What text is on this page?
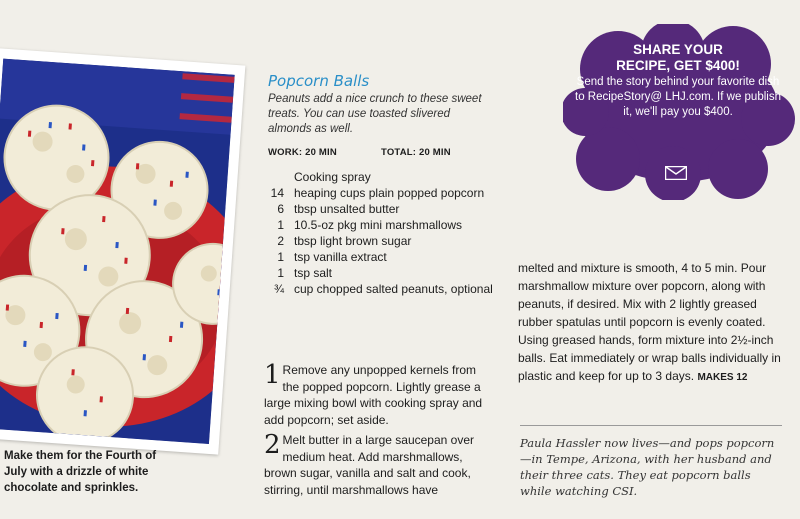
Make them for the Fourth of July with a drizzle of white chocolate and sprinkles.
Popcorn Balls
Peanuts add a nice crunch to these sweet treats. You can use toasted slivered almonds as well.
WORK: 20 MIN	TOTAL: 20 MIN
Cooking spray
14 heaping cups plain popped popcorn
6 tbsp unsalted butter
1 10.5-oz pkg mini marshmallows
2 tbsp light brown sugar
1 tsp vanilla extract
1 tsp salt
¾ cup chopped salted peanuts, optional
1 Remove any unpopped kernels from the popped popcorn. Lightly grease a large mixing bowl with cooking spray and add popcorn; set aside.
2 Melt butter in a large saucepan over medium heat. Add marshmallows, brown sugar, vanilla and salt and cook, stirring, until marshmallows have
melted and mixture is smooth, 4 to 5 min. Pour marshmallow mixture over popcorn, along with peanuts, if desired. Mix with 2 lightly greased rubber spatulas until popcorn is evenly coated. Using greased hands, form mixture into 2½-inch balls. Eat immediately or wrap balls individually in plastic and keep for up to 3 days. MAKES 12
Paula Hassler now lives—and pops popcorn—in Tempe, Arizona, with her husband and their three cats. They eat popcorn balls while watching CSI.
SHARE YOUR
RECIPE, GET $400!
Send the story behind your favorite dish to RecipeStory@ LHJ.com. If we publish it, we'll pay you $400.
